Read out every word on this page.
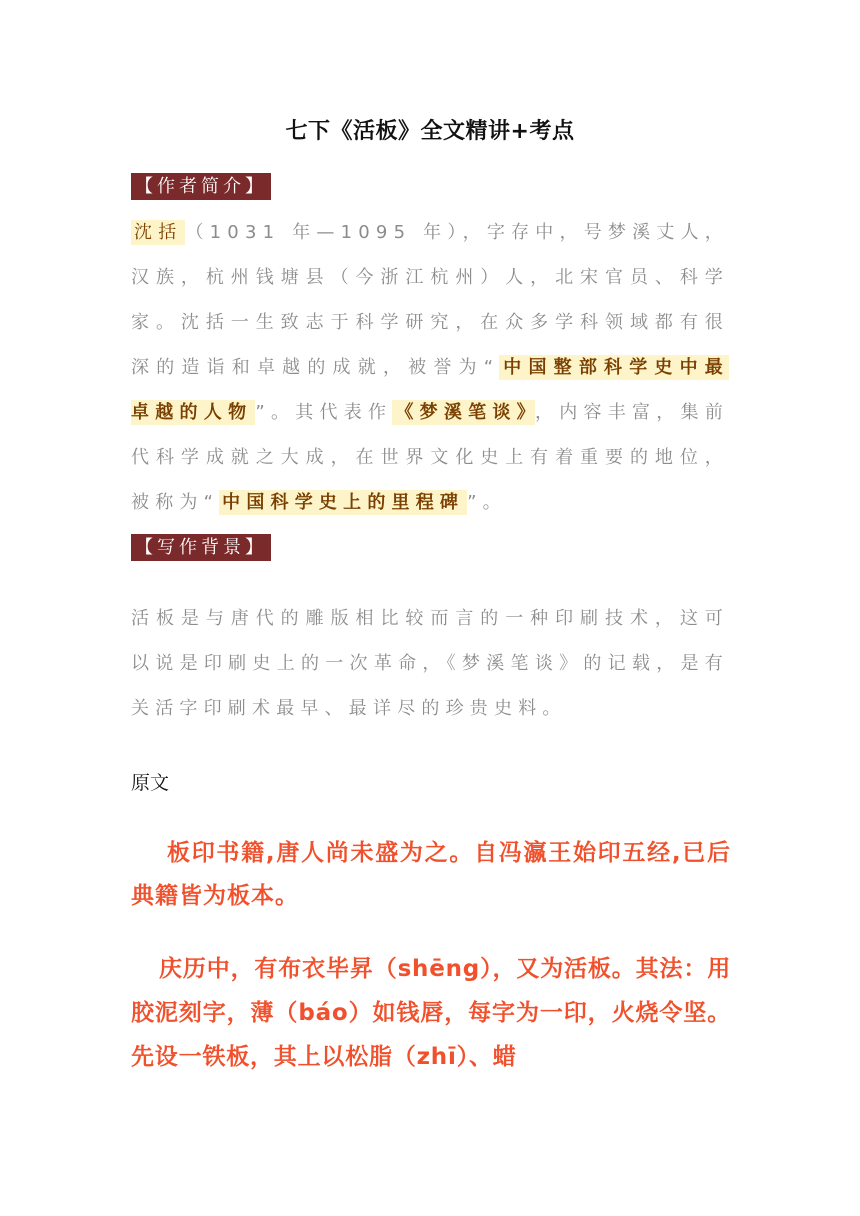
七下《活板》全文精讲+考点
【作者简介】
沈括 （1031 年—1095 年），字存中，号梦溪丈人，汉族，杭州钱塘县（今浙江杭州）人，北宋官员、科学家。沈括一生致志于科学研究，在众多学科领域都有很深的造诣和卓越的成就，被誉为“ 中国整部科学史中最卓越的人物 ”。其代表作 《梦溪笔谈》 ，内容丰富，集前代科学成就之大成，在世界文化史上有着重要的地位，被称为“ 中国科学史上的里程碑 ”。
【写作背景】
活板是与唐代的雕版相比较而言的一种印刷技术，这可以说是印刷史上的一次革命，《梦溪笔谈》的记载，是有关活字印刷术最早、最详尽的珍贵史料。
原文
板印书籍,唐人尚未盛为之。自冯瀛王始印五经,已后典籍皆为板本。
庆历中，有布衣毕昇（shēng），又为活板。其法：用胶泥刻字，薄（báo）如钱唇，每字为一印，火烧令坚。先设一铁板，其上以松脂（zhī）、蜡
